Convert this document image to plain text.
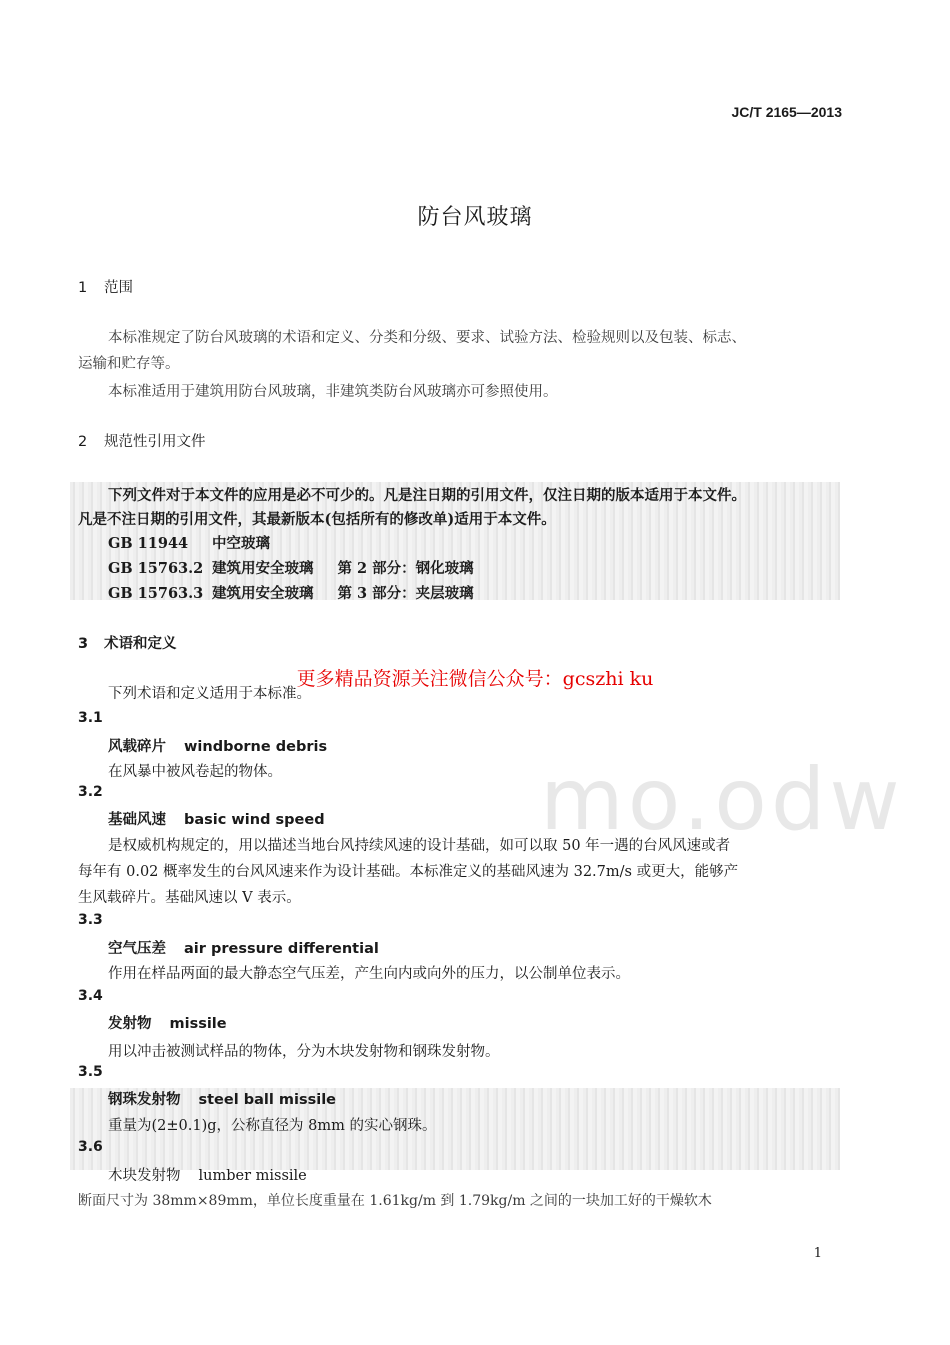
mo.odw
JC/T 2165—2013
防台风玻璃
1 范围
本标准规定了防台风玻璃的术语和定义、分类和分级、要求、试验方法、检验规则以及包装、标志、
运输和贮存等。
本标准适用于建筑用防台风玻璃，非建筑类防台风玻璃亦可参照使用。
2 规范性引用文件
下列文件对于本文件的应用是必不可少的。凡是注日期的引用文件，仅注日期的版本适用于本文件。
凡是不注日期的引用文件，其最新版本(包括所有的修改单)适用于本文件。
GB 11944 中空玻璃
GB 15763.2 建筑用安全玻璃 第 2 部分：钢化玻璃
GB 15763.3 建筑用安全玻璃 第 3 部分：夹层玻璃
3 术语和定义
下列术语和定义适用于本标准。
3.1
风载碎片 windborne debris
在风暴中被风卷起的物体。
3.2
基础风速 basic wind speed
是权威机构规定的，用以描述当地台风持续风速的设计基础，如可以取 50 年一遇的台风风速或者
每年有 0.02 概率发生的台风风速来作为设计基础。本标准定义的基础风速为 32.7m/s 或更大，能够产
生风载碎片。基础风速以 V 表示。
3.3
空气压差 air pressure differential
作用在样品两面的最大静态空气压差，产生向内或向外的压力，以公制单位表示。
3.4
发射物 missile
用以冲击被测试样品的物体，分为木块发射物和钢珠发射物。
3.5
钢珠发射物 steel ball missile
重量为(2±0.1)g，公称直径为 8mm 的实心钢珠。
3.6
木块发射物 lumber missile
断面尺寸为 38mm×89mm，单位长度重量在 1.61kg/m 到 1.79kg/m 之间的一块加工好的干燥软木
更多精品资源关注微信公众号：gcszhi ku
1
